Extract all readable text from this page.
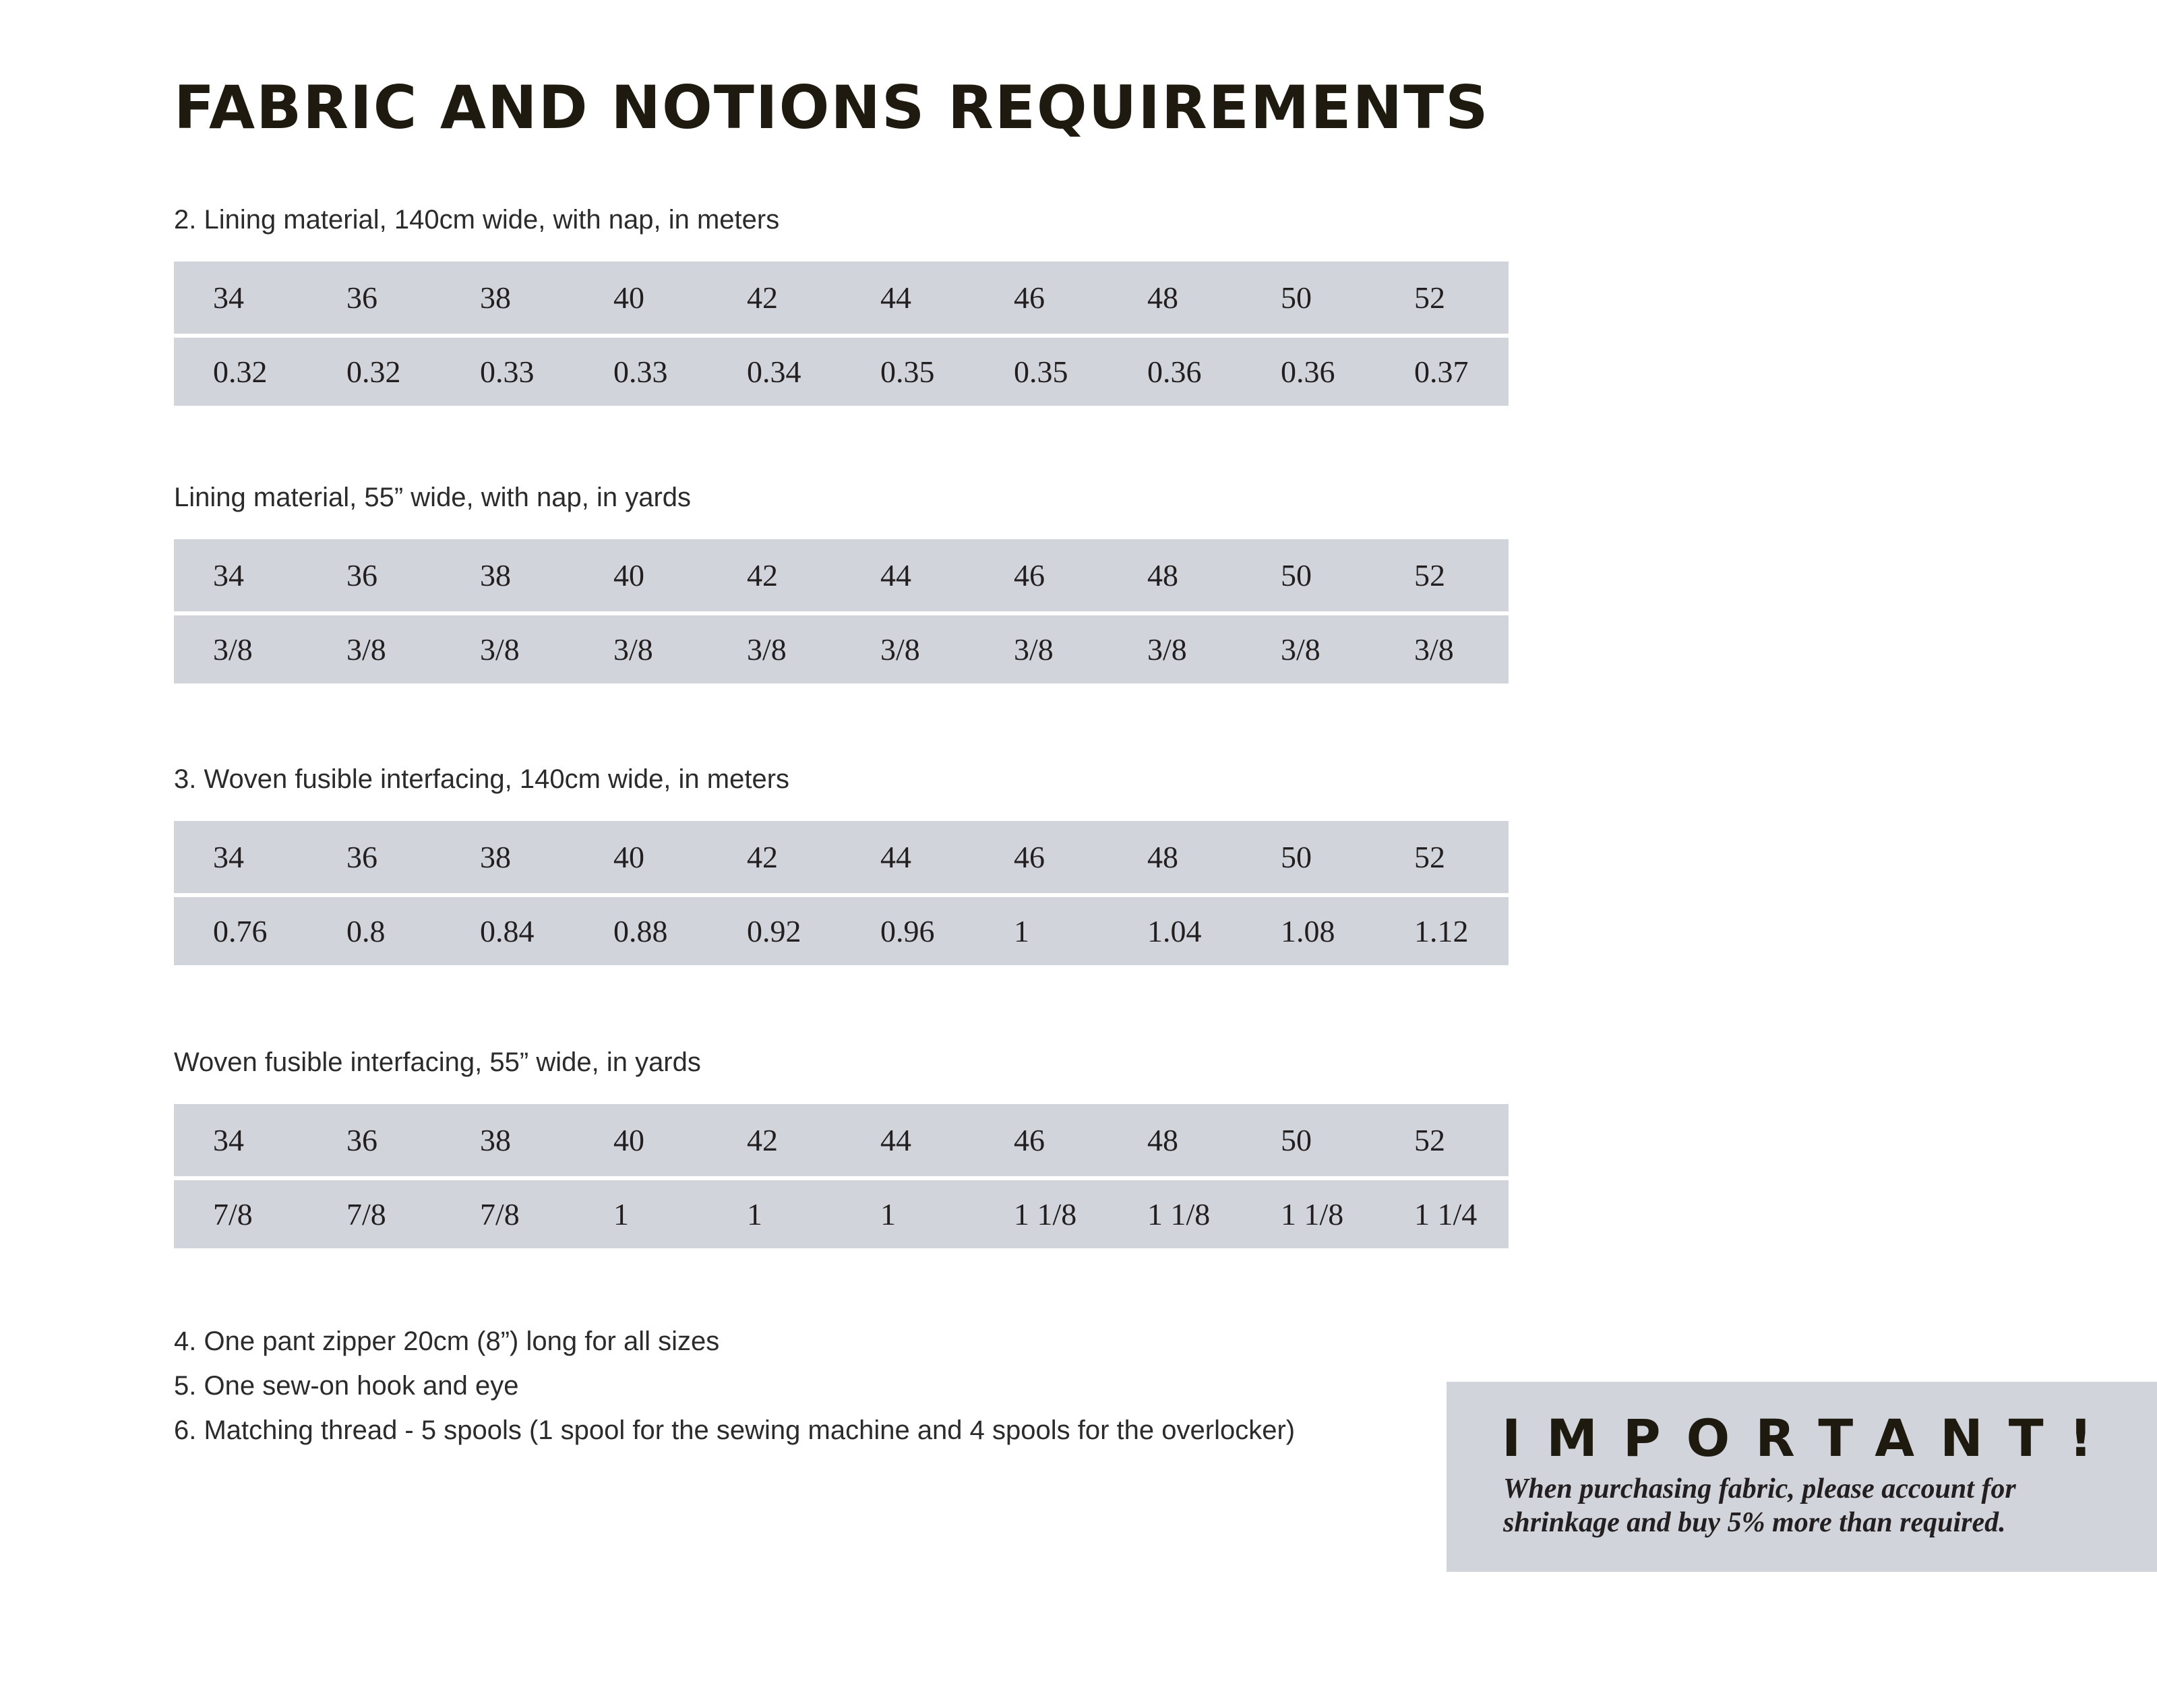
FABRIC AND NOTIONS REQUIREMENTS
2. Lining material, 140cm wide, with nap, in meters
34	36	38	40	42	44	46	48	50	52
0.32	0.32	0.33	0.33	0.34	0.35	0.35	0.36	0.36	0.37
Lining material, 55” wide, with nap, in yards
34	36	38	40	42	44	46	48	50	52
3/8	3/8	3/8	3/8	3/8	3/8	3/8	3/8	3/8	3/8
3. Woven fusible interfacing, 140cm wide, in meters
34	36	38	40	42	44	46	48	50	52
0.76	0.8	0.84	0.88	0.92	0.96	1	1.04	1.08	1.12
Woven fusible interfacing, 55” wide, in yards
34	36	38	40	42	44	46	48	50	52
7/8	7/8	7/8	1	1	1	1 1/8	1 1/8	1 1/8	1 1/4
4. One pant zipper 20cm (8”) long for all sizes
5. One sew-on hook and eye
6. Matching thread - 5 spools (1 spool for the sewing machine and 4 spools for the overlocker)	IMPORTANT!
When purchasing fabric, please account for shrinkage and buy 5% more than required.
